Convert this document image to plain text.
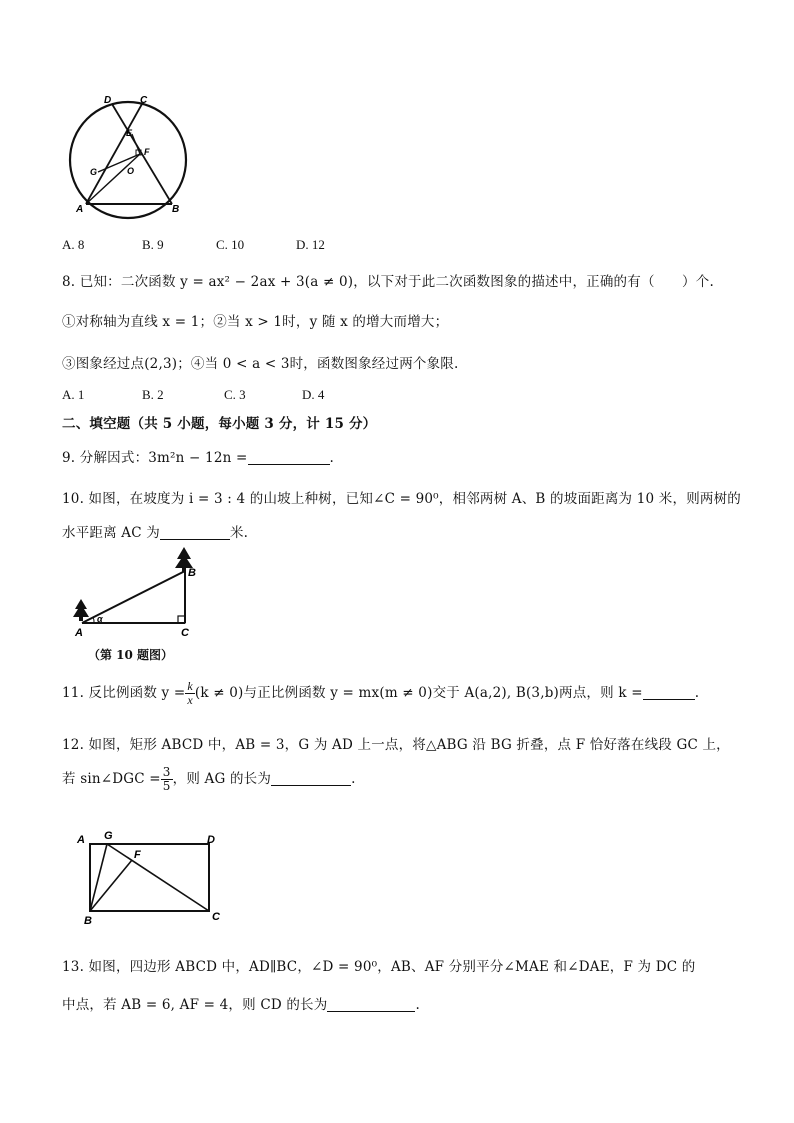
D	C
E
F
G	O
A	B
A. 8	B. 9	C. 10	D. 12
8. 已知：二次函数 y = ax² − 2ax + 3(a ≠ 0)，以下对于此二次函数图象的描述中，正确的有（　　）个.
①对称轴为直线 x = 1；②当 x > 1时，y 随 x 的增大而增大；
③图象经过点(2,3)；④当 0 < a < 3时，函数图象经过两个象限.
A. 1	B. 2	C. 3	D. 4
二、填空题（共 5 小题，每小题 3 分，计 15 分）
9. 分解因式：3m²n − 12n =	.
10. 如图，在坡度为 i = 3 : 4 的山坡上种树，已知∠C = 90⁰，相邻两树 A、B 的坡面距离为 10 米，则两树的
水平距离 AC 为	米.
α
A
B
C
（第 10 题图）
11. 反比例函数 $y = \frac{k}{x} (k \ne 0)$与正比例函数 y = mx(m ≠ 0)交于 A(a,2), B(3,b)两点，则 k =	.
12. 如图，矩形 ABCD 中，AB = 3，G 为 AD 上一点，将△ABG 沿 BG 折叠，点 F 恰好落在线段 GC 上，
若 sin∠DGC = $\frac{3}{5}$ ，则 AG 的长为	.
A G	D
F
B	C
13. 如图，四边形 ABCD 中，AD∥BC，∠D = 90⁰，AB、AF 分别平分∠MAE 和∠DAE，F 为 DC 的
中点，若 AB = 6, AF = 4，则 CD 的长为	.
